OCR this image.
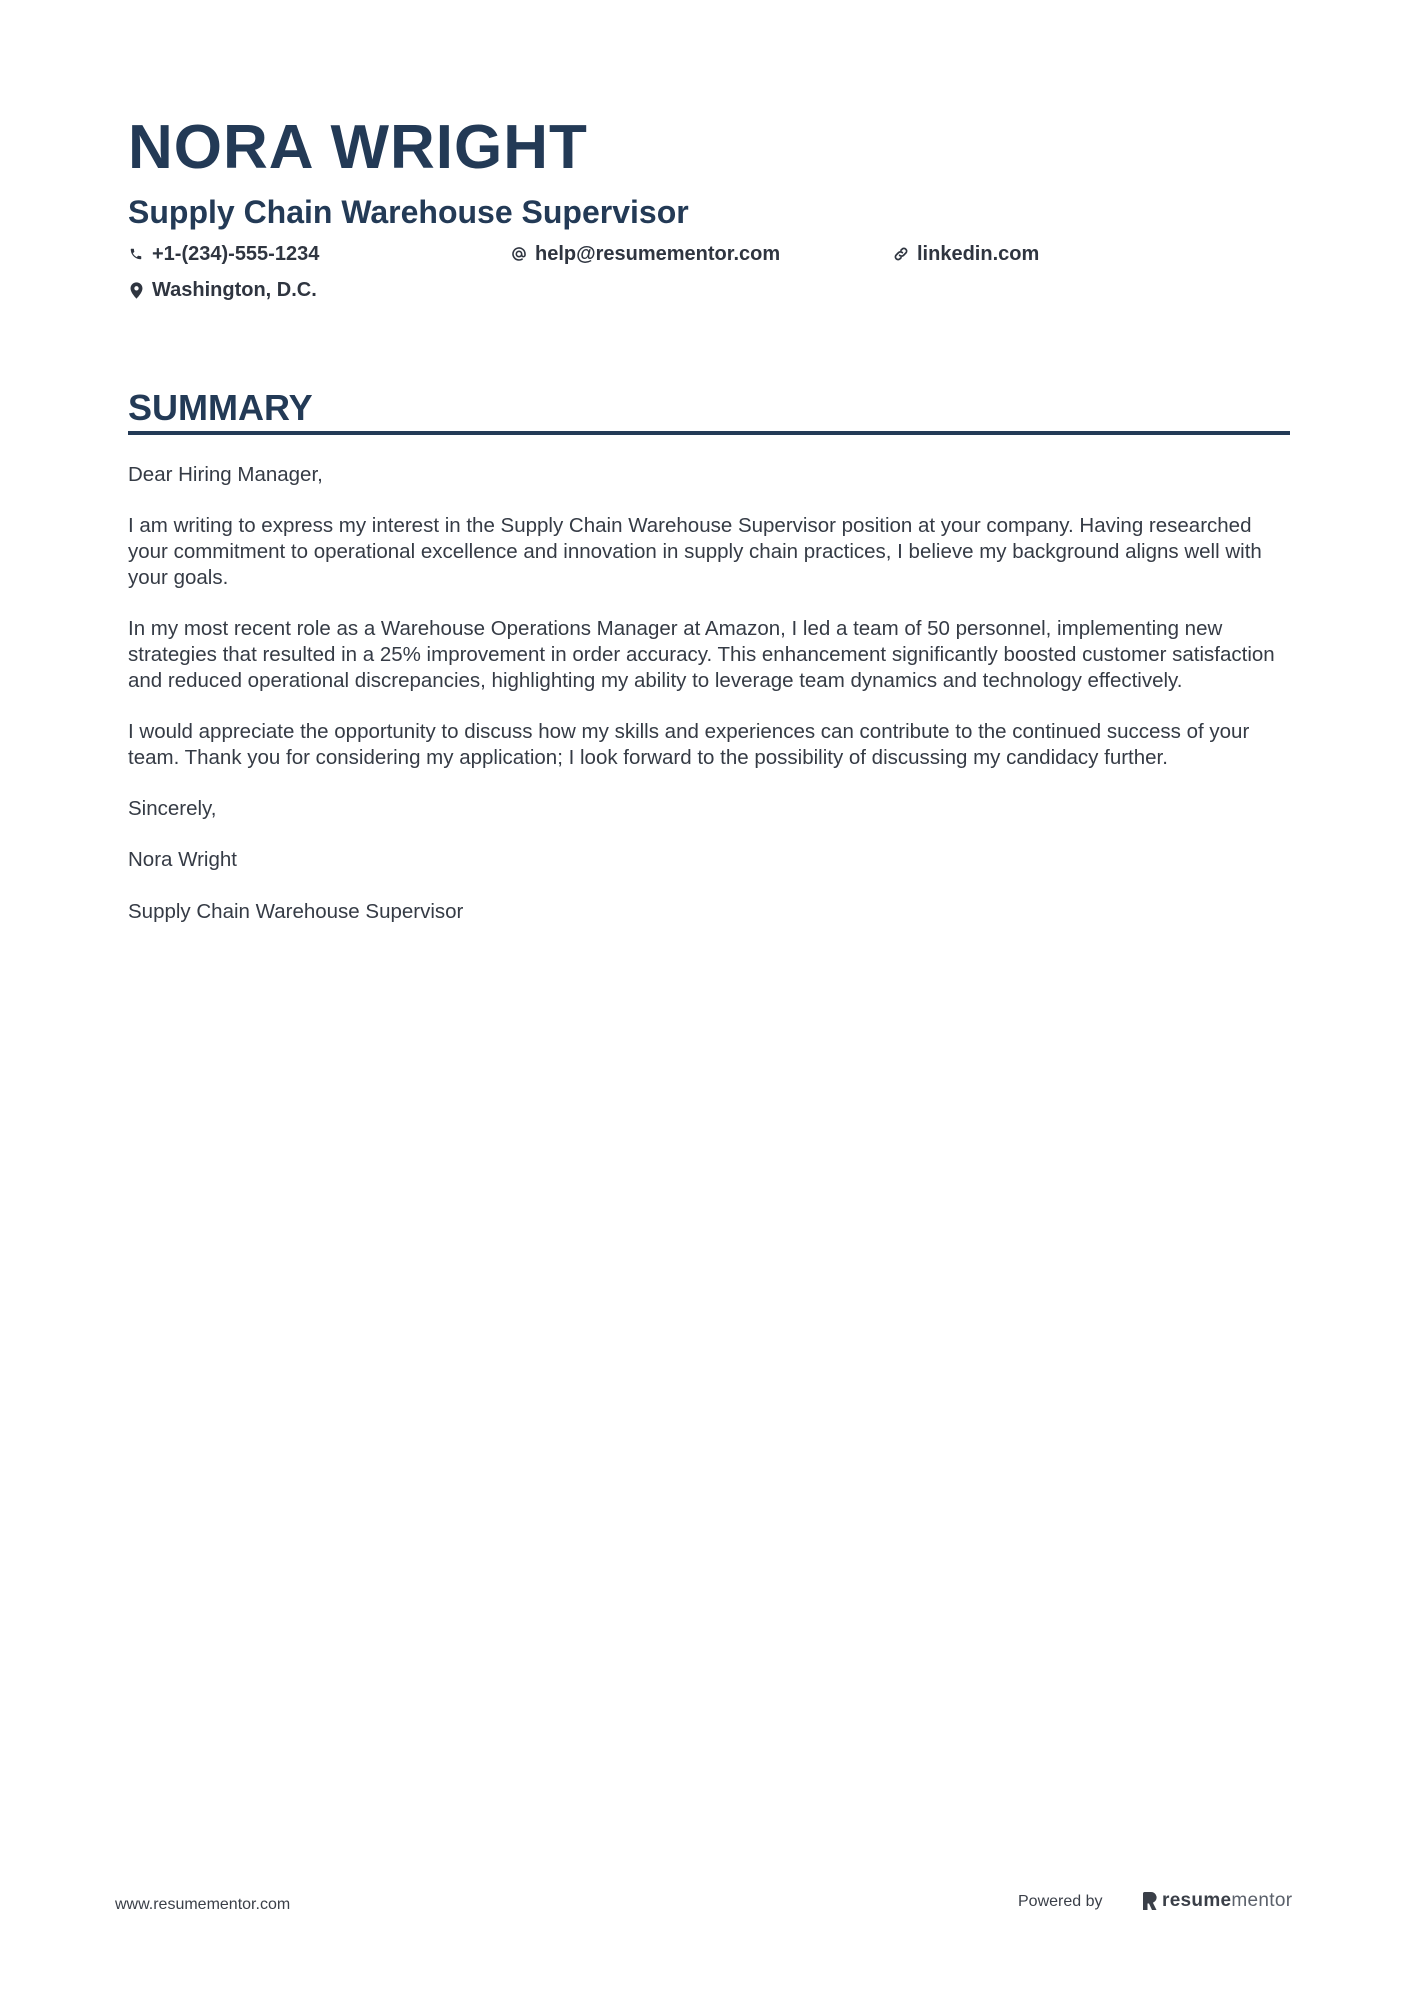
NORA WRIGHT
Supply Chain Warehouse Supervisor
+1-(234)-555-1234	help@resumementor.com	linkedin.com
Washington, D.C.
SUMMARY

Dear Hiring Manager,

I am writing to express my interest in the Supply Chain Warehouse Supervisor position at your company. Having researched your commitment to operational excellence and innovation in supply chain practices, I believe my background aligns well with your goals.

In my most recent role as a Warehouse Operations Manager at Amazon, I led a team of 50 personnel, implementing new strategies that resulted in a 25% improvement in order accuracy. This enhancement significantly boosted customer satisfaction and reduced operational discrepancies, highlighting my ability to leverage team dynamics and technology effectively.

I would appreciate the opportunity to discuss how my skills and experiences can contribute to the continued success of your team. Thank you for considering my application; I look forward to the possibility of discussing my candidacy further.

Sincerely,

Nora Wright

Supply Chain Warehouse Supervisor

www.resumementor.com	Powered by	resumementor
